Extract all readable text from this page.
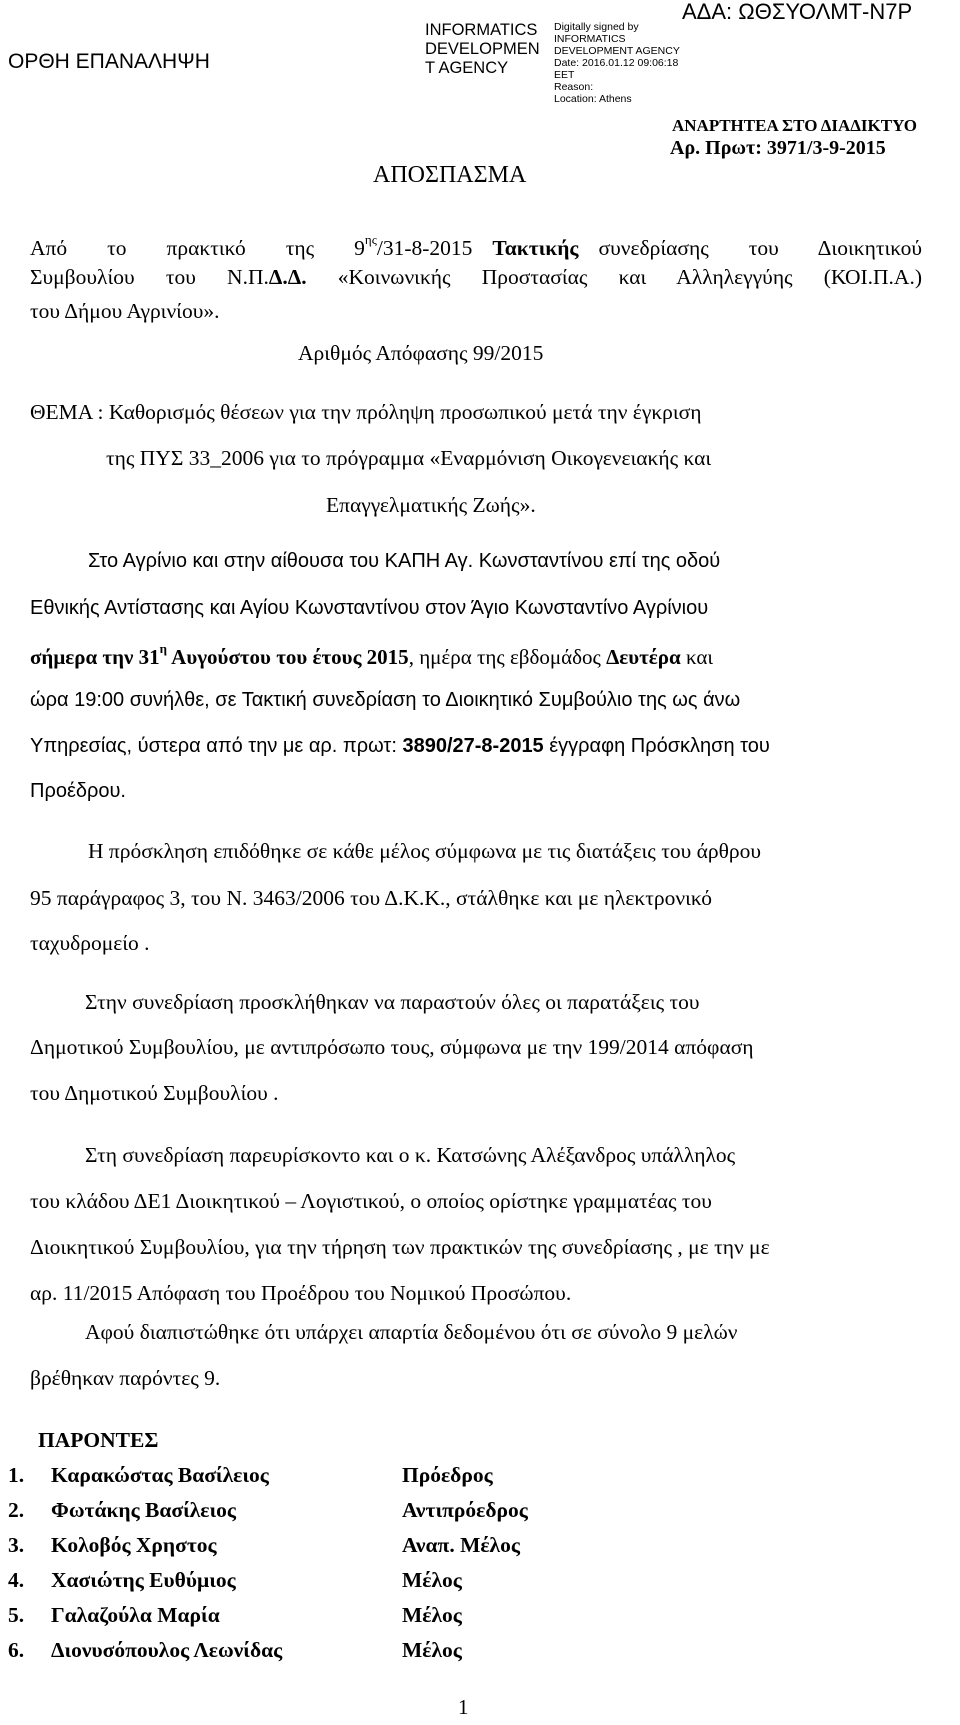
ΟΡΘΗ ΕΠΑΝΑΛΗΨΗ
INFORMATICS
DEVELOPMEN
T AGENCY
Digitally signed by
INFORMATICS
DEVELOPMENT AGENCY
Date: 2016.01.12 09:06:18
EET
Reason:
Location: Athens
ΑΔΑ: ΩΘΣΥΟΛΜΤ-Ν7Ρ
ΑΝΑΡΤΗΤΕΑ ΣΤΟ ΔΙΑΔΙΚΤΥΟ
Αρ. Πρωτ: 3971/3-9-2015
ΑΠΟΣΠΑΣΜΑ
Από  το  πρακτικό  της  $9^{\eta\varsigma}/31-8-2015$ Τακτικής συνεδρίασης  του  Διοικητικού
Συμβουλίου  του  Ν.Π.Δ.Δ.  «Κοινωνικής  Προστασίας  και  Αλληλεγγύης  (ΚΟΙ.Π.Α.)
του Δήμου Αγρινίου».
Αριθμός Απόφασης 99/2015
ΘΕΜΑ : Καθορισμός θέσεων για την πρόληψη προσωπικού μετά την έγκριση
της ΠΥΣ 33_2006 για το πρόγραμμα «Εναρμόνιση Οικογενειακής και
Επαγγελματικής Ζωής».
Στο Αγρίνιο και στην αίθουσα του ΚΑΠΗ Αγ. Κωνσταντίνου επί της οδού
Εθνικής Αντίστασης και Αγίου Κωνσταντίνου στον Άγιο Κωνσταντίνο Αγρίνιου
σήμερα την $31^\eta$ Αυγούστου του έτους 2015, ημέρα της εβδομάδος Δευτέρα και
ώρα 19:00 συνήλθε, σε Τακτική συνεδρίαση το Διοικητικό Συμβούλιο της ως άνω
Υπηρεσίας, ύστερα από την με αρ. πρωτ: 3890/27-8-2015 έγγραφη Πρόσκληση του
Προέδρου.
Η πρόσκληση επιδόθηκε σε κάθε μέλος σύμφωνα με τις διατάξεις του άρθρου
95 παράγραφος 3, του Ν. 3463/2006 του Δ.Κ.Κ., στάλθηκε και με ηλεκτρονικό
ταχυδρομείο .
Στην συνεδρίαση προσκλήθηκαν να παραστούν όλες οι παρατάξεις του
Δημοτικού Συμβουλίου, με αντιπρόσωπο τους, σύμφωνα με την 199/2014 απόφαση
του Δημοτικού Συμβουλίου .
Στη συνεδρίαση παρευρίσκοντο και ο κ. Κατσώνης Αλέξανδρος υπάλληλος
του κλάδου ΔΕ1 Διοικητικού – Λογιστικού, ο οποίος ορίστηκε γραμματέας του
Διοικητικού Συμβουλίου, για την τήρηση των πρακτικών της συνεδρίασης , με την με
αρ. 11/2015 Απόφαση του Προέδρου του Νομικού Προσώπου.
Αφού διαπιστώθηκε ότι υπάρχει απαρτία δεδομένου ότι σε σύνολο 9 μελών
βρέθηκαν παρόντες 9.
ΠΑΡΟΝΤΕΣ
1. Καρακώστας Βασίλειος	Πρόεδρος
2. Φωτάκης Βασίλειος	Αντιπρόεδρος
3. Κολοβός Χρηστος	Αναπ. Μέλος
4. Χασιώτης Ευθύμιος	Μέλος
5. Γαλαζούλα Μαρία	Μέλος
6. Διονυσόπουλος Λεωνίδας	Μέλος
1
